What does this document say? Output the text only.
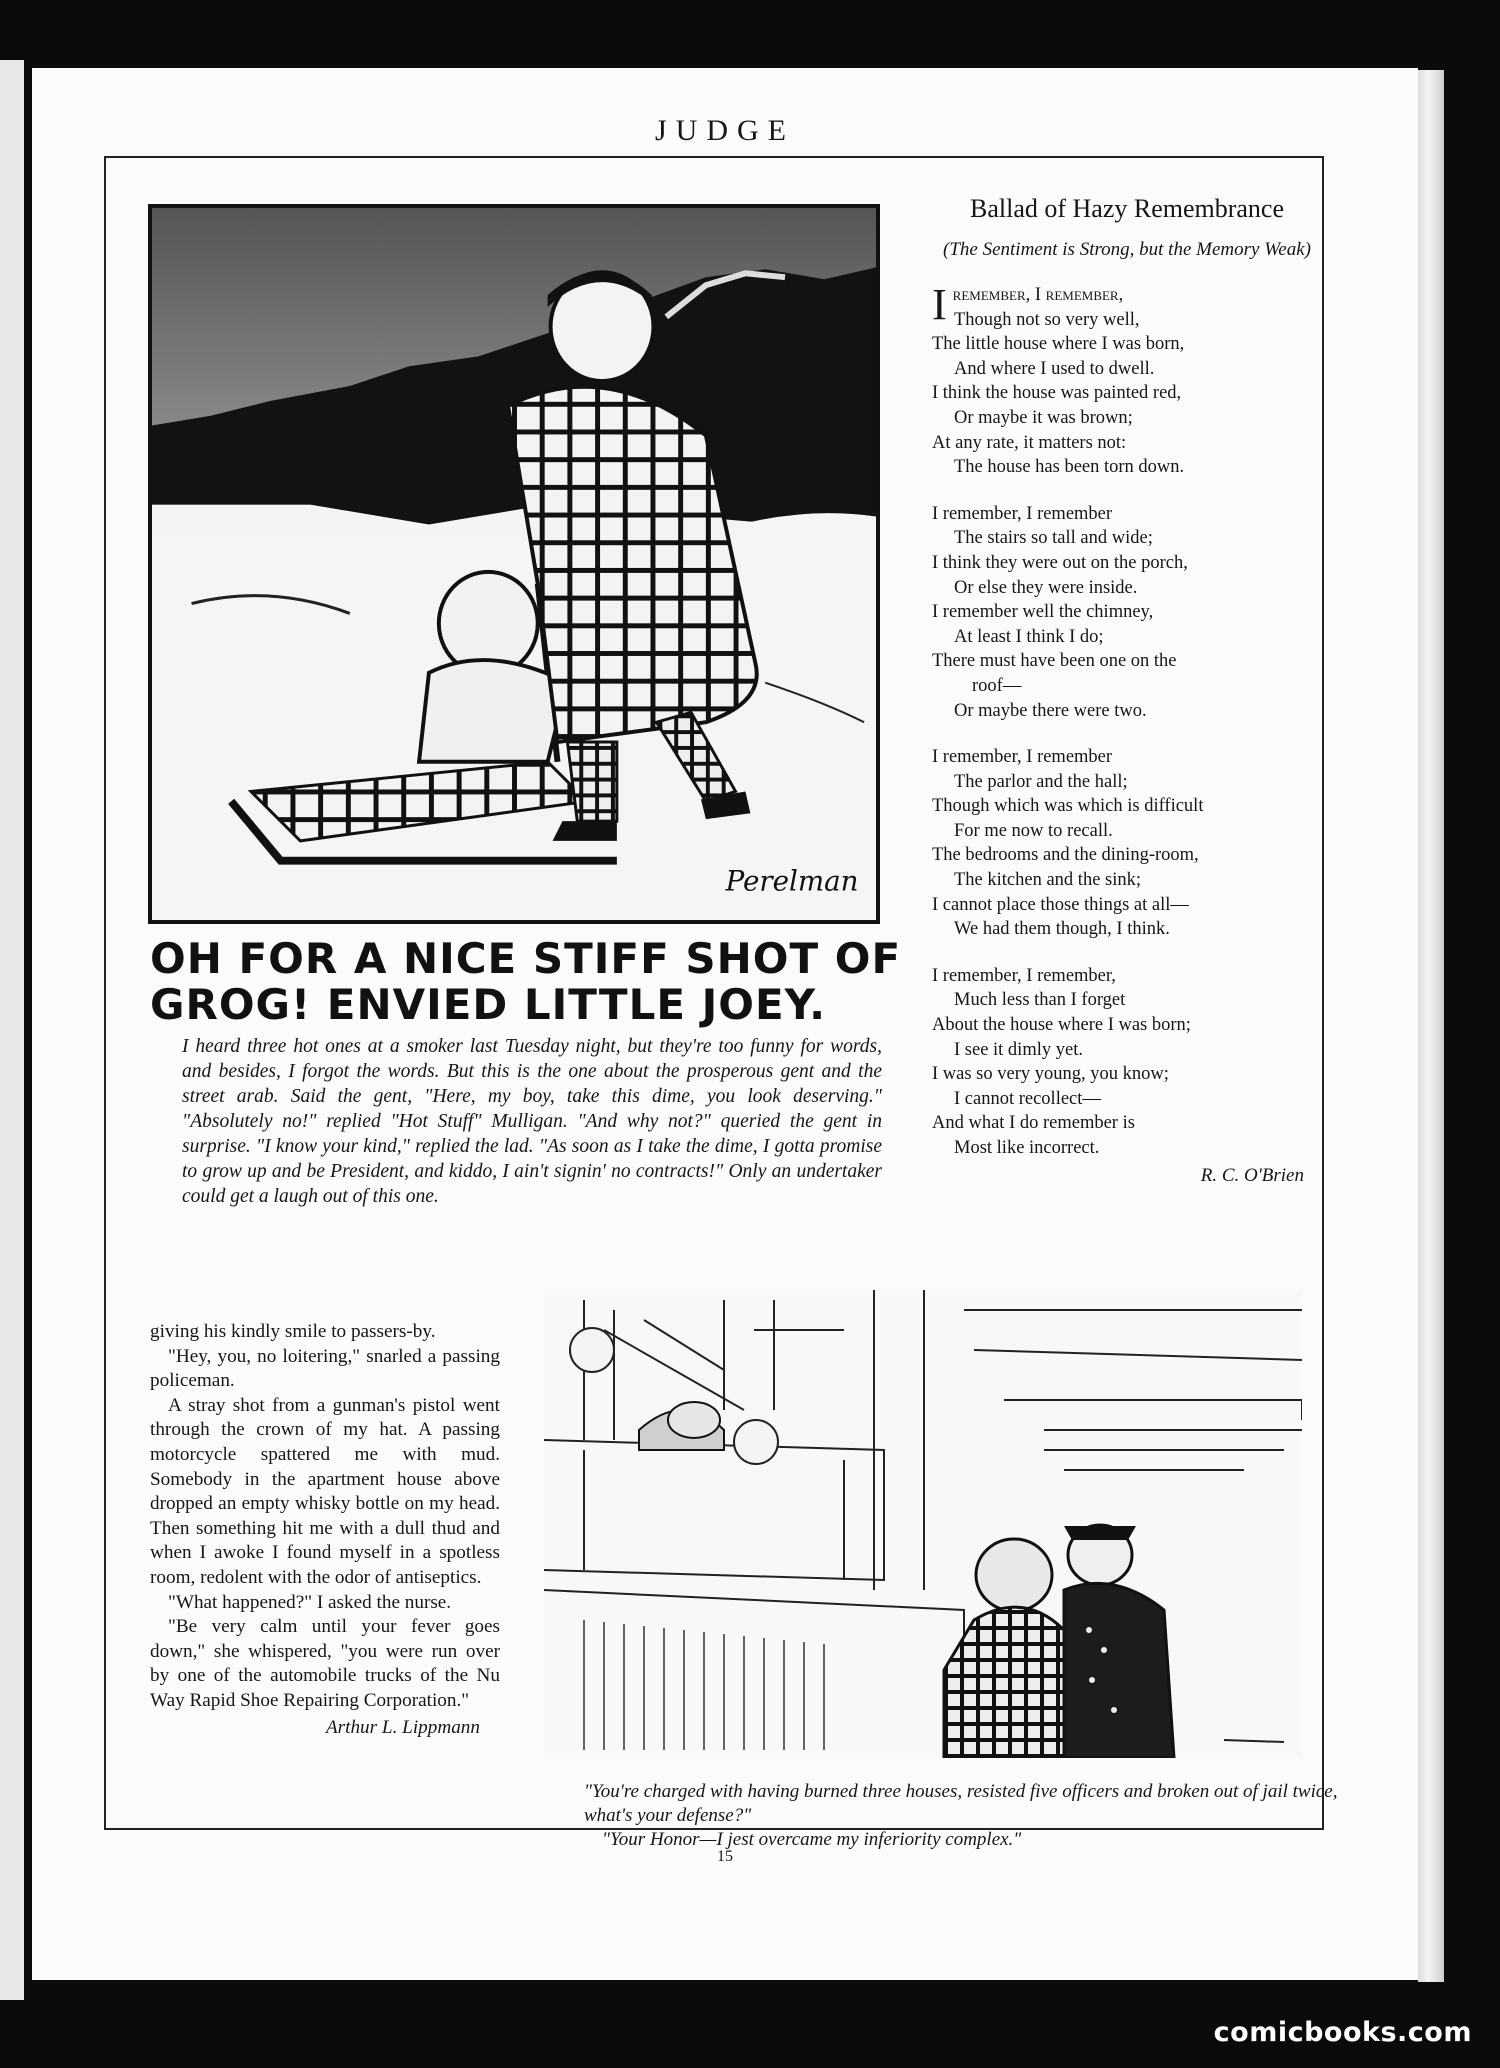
JUDGE
Perelman
OH FOR A NICE STIFF SHOT OF
GROG! ENVIED LITTLE JOEY.
I heard three hot ones at a smoker last Tuesday night, but they're too funny for words, and besides, I forgot the words. But this is the one about the prosperous gent and the street arab. Said the gent, "Here, my boy, take this dime, you look deserving." "Absolutely no!" replied "Hot Stuff" Mulligan. "And why not?" queried the gent in surprise. "I know your kind," replied the lad. "As soon as I take the dime, I gotta promise to grow up and be President, and kiddo, I ain't signin' no contracts!" Only an undertaker could get a laugh out of this one.
Ballad of Hazy Remembrance
(The Sentiment is Strong, but the Memory Weak)
I remember, I remember,
Though not so very well,
The little house where I was born,
And where I used to dwell.
I think the house was painted red,
Or maybe it was brown;
At any rate, it matters not:
The house has been torn down.
I remember, I remember
The stairs so tall and wide;
I think they were out on the porch,
Or else they were inside.
I remember well the chimney,
At least I think I do;
There must have been one on the
roof—
Or maybe there were two.
I remember, I remember
The parlor and the hall;
Though which was which is difficult
For me now to recall.
The bedrooms and the dining-room,
The kitchen and the sink;
I cannot place those things at all—
We had them though, I think.
I remember, I remember,
Much less than I forget
About the house where I was born;
I see it dimly yet.
I was so very young, you know;
I cannot recollect—
And what I do remember is
Most like incorrect.
R. C. O'Brien

giving his kindly smile to passers-by.

"Hey, you, no loitering," snarled a passing policeman.

A stray shot from a gunman's pistol went through the crown of my hat. A passing motorcycle spattered me with mud. Somebody in the apartment house above dropped an empty whisky bottle on my head. Then something hit me with a dull thud and when I awoke I found myself in a spotless room, redolent with the odor of antiseptics.

"What happened?" I asked the nurse.

"Be very calm until your fever goes down," she whispered, "you were run over by one of the automobile trucks of the Nu Way Rapid Shoe Repairing Corporation."

Arthur L. Lippmann
"You're charged with having burned three houses, resisted five officers and broken out of jail twice, what's your defense?"
"Your Honor—I jest overcame my inferiority complex."
15
comicbooks.com
